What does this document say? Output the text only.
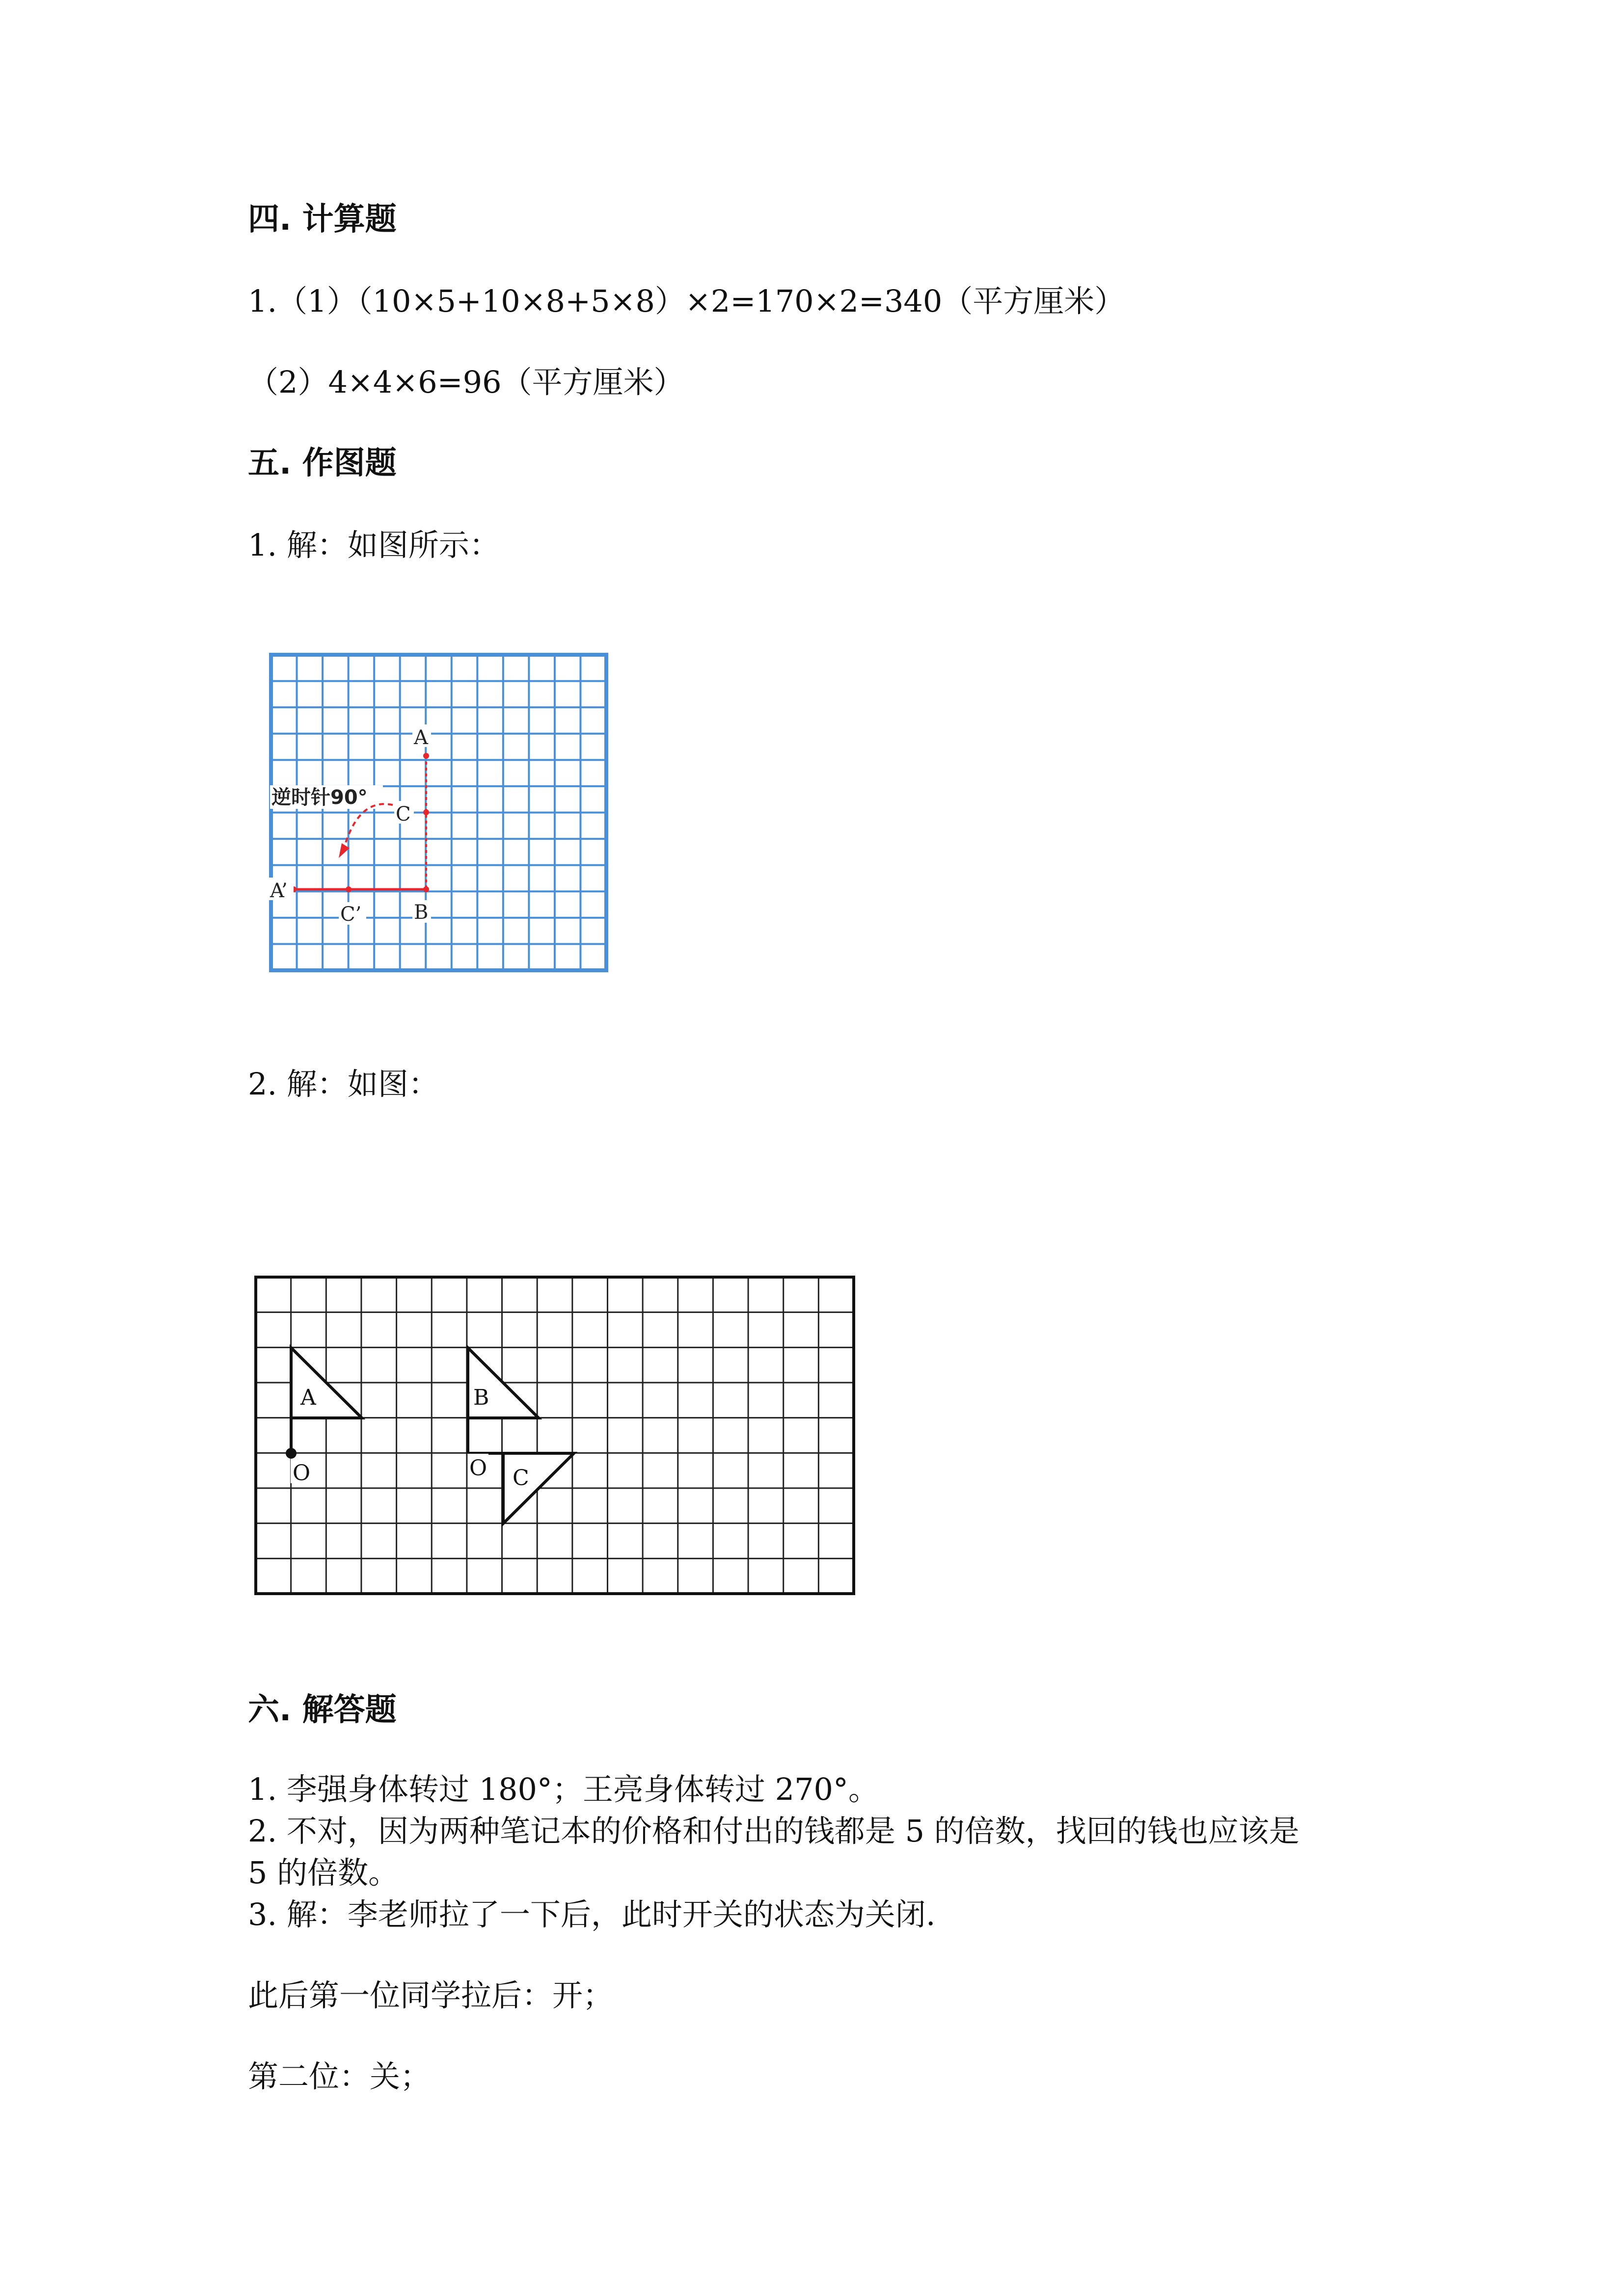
四. 计算题

1.（1）（10×5+10×8+5×8）×2=170×2=340（平方厘米）

（2）4×4×6=96（平方厘米）

五. 作图题

1. 解：如图所示：

逆时针90°
A
C
A’
C’	B

2. 解：如图：

A	B
C
O	O

六. 解答题

1. 李强身体转过 180°；王亮身体转过 270°。

2. 不对，因为两种笔记本的价格和付出的钱都是 5 的倍数，找回的钱也应该是

5 的倍数。

3. 解：李老师拉了一下后，此时开关的状态为关闭.

此后第一位同学拉后：开；

第二位：关；
